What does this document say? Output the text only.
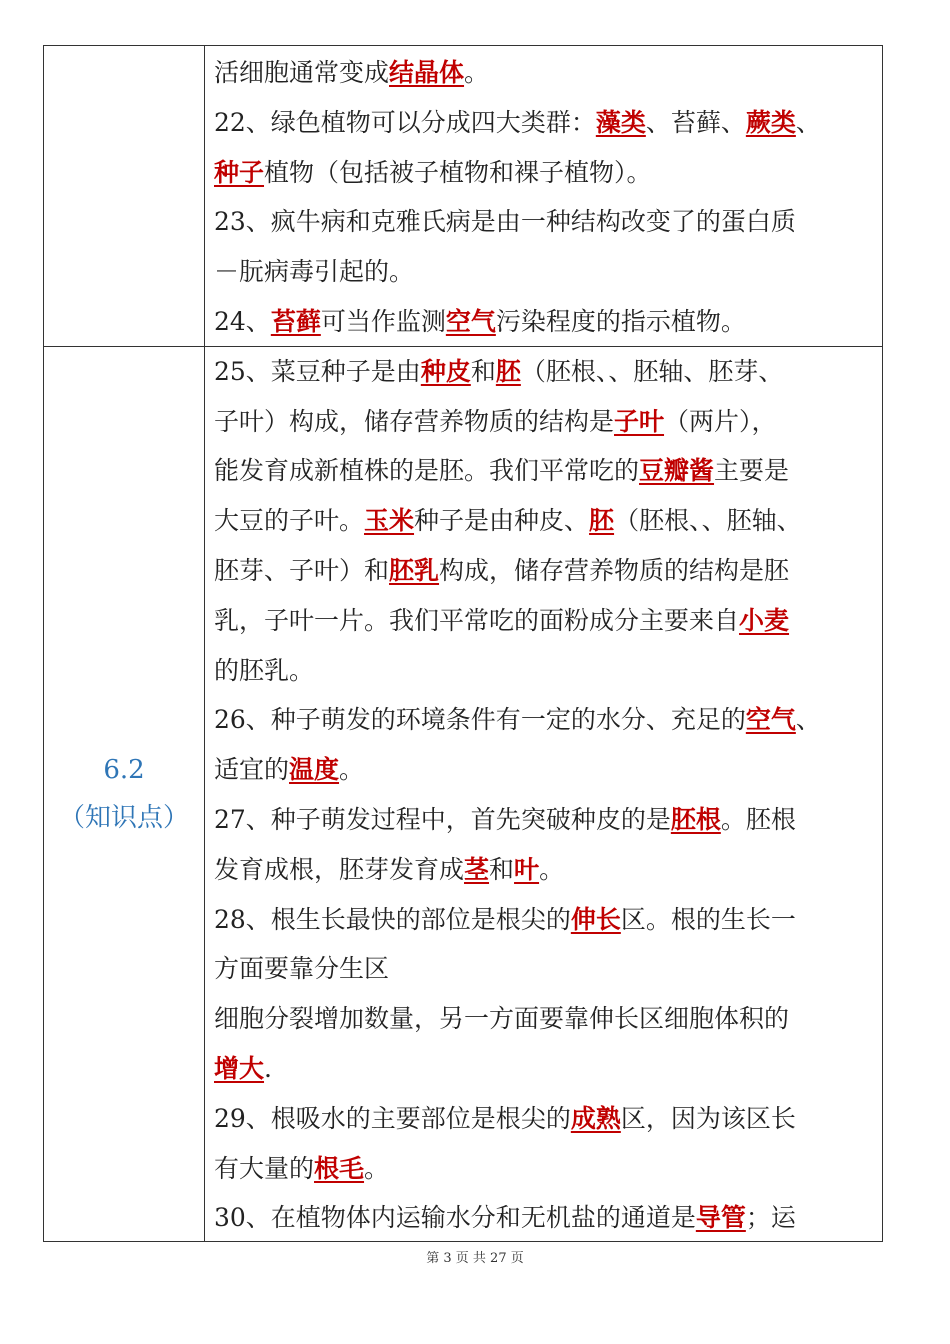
6.2
（知识点）
活细胞通常变成结晶体。
22、绿色植物可以分成四大类群：藻类、苔藓、蕨类、
种子植物（包括被子植物和裸子植物）。
23、疯牛病和克雅氏病是由一种结构改变了的蛋白质
－朊病毒引起的。
24、苔藓可当作监测空气污染程度的指示植物。
25、菜豆种子是由种皮和胚（胚根、、胚轴、胚芽、
子叶）构成，储存营养物质的结构是子叶（两片），
能发育成新植株的是胚。我们平常吃的豆瓣酱主要是
大豆的子叶。玉米种子是由种皮、胚（胚根、、胚轴、
胚芽、子叶）和胚乳构成，储存营养物质的结构是胚
乳，子叶一片。我们平常吃的面粉成分主要来自小麦
的胚乳。
26、种子萌发的环境条件有一定的水分、充足的空气、
适宜的温度。
27、种子萌发过程中，首先突破种皮的是胚根。胚根
发育成根，胚芽发育成茎和叶。
28、根生长最快的部位是根尖的伸长区。根的生长一
方面要靠分生区
细胞分裂增加数量，另一方面要靠伸长区细胞体积的
增大.
29、根吸水的主要部位是根尖的成熟区，因为该区长
有大量的根毛。
30、在植物体内运输水分和无机盐的通道是导管；运
第 3 页 共 27 页
